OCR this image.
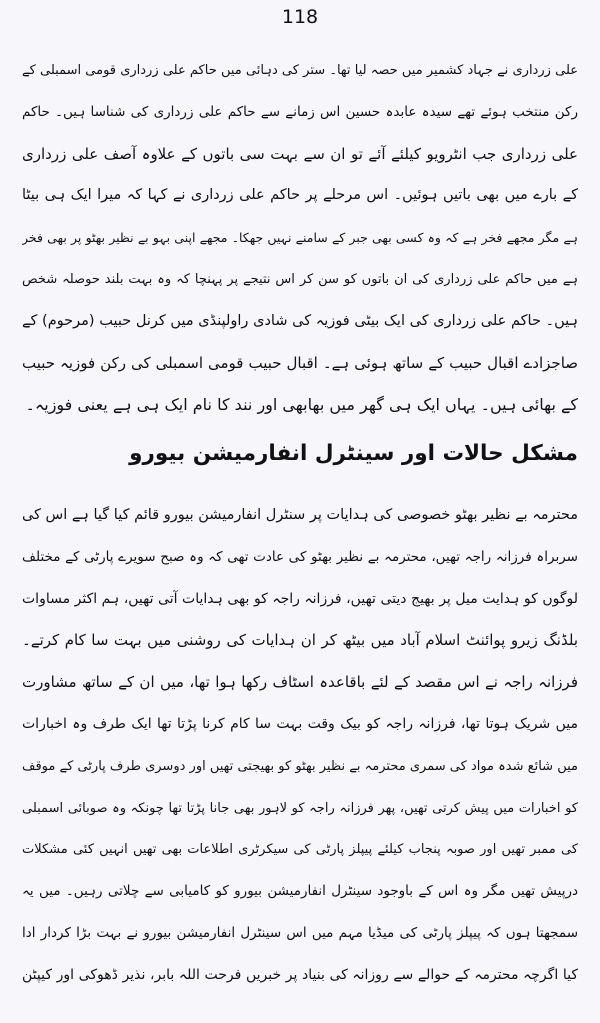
118
علی زرداری نے جہاد کشمیر میں حصہ لیا تھا۔ ستر کی دہائی میں حاکم علی زرداری قومی اسمبلی کے
رکن منتخب ہوئے تھے سیدہ عابدہ حسین اس زمانے سے حاکم علی زرداری کی شناسا ہیں۔ حاکم
علی زرداری جب انٹرویو کیلئے آئے تو ان سے بہت سی باتوں کے علاوہ آصف علی زرداری
کے بارے میں بھی باتیں ہوئیں۔ اس مرحلے پر حاکم علی زرداری نے کہا کہ میرا ایک ہی بیٹا
ہے مگر مجھے فخر ہے کہ وہ کسی بھی جبر کے سامنے نہیں جھکا۔ مجھے اپنی بہو بے نظیر بھٹو پر بھی فخر
ہے میں حاکم علی زرداری کی ان باتوں کو سن کر اس نتیجے پر پہنچا کہ وہ بہت بلند حوصلہ شخص
ہیں۔ حاکم علی زرداری کی ایک بیٹی فوزیہ کی شادی راولپنڈی میں کرنل حبیب (مرحوم) کے
صاجزادے اقبال حبیب کے ساتھ ہوئی ہے۔ اقبال حبیب قومی اسمبلی کی رکن فوزیہ حبیب
کے بھائی ہیں۔ یہاں ایک ہی گھر میں بھابھی اور نند کا نام ایک ہی ہے یعنی فوزیہ۔
مشکل حالات اور سینٹرل انفارمیشن بیورو
محترمہ بے نظیر بھٹو خصوصی کی ہدایات پر سنٹرل انفارمیشن بیورو قائم کیا گیا ہے اس کی
سربراہ فرزانہ راجہ تھیں، محترمہ بے نظیر بھٹو کی عادت تھی کہ وہ صبح سویرے پارٹی کے مختلف
لوگوں کو ہدایت میل پر بھیج دیتی تھیں، فرزانہ راجہ کو بھی ہدایات آتی تھیں، ہم اکثر مساوات
بلڈنگ زیرو پوائنٹ اسلام آباد میں بیٹھ کر ان ہدایات کی روشنی میں بہت سا کام کرتے۔
فرزانہ راجہ نے اس مقصد کے لئے باقاعدہ اسٹاف رکھا ہوا تھا، میں ان کے ساتھ مشاورت
میں شریک ہوتا تھا، فرزانہ راجہ کو بیک وقت بہت سا کام کرنا پڑتا تھا ایک طرف وہ اخبارات
میں شائع شدہ مواد کی سمری محترمہ بے نظیر بھٹو کو بھیجتی تھیں اور دوسری طرف پارٹی کے موقف
کو اخبارات میں پیش کرتی تھیں، پھر فرزانہ راجہ کو لاہور بھی جانا پڑتا تھا چونکہ وہ صوبائی اسمبلی
کی ممبر تھیں اور صوبہ پنجاب کیلئے پیپلز پارٹی کی سیکرٹری اطلاعات بھی تھیں انہیں کئی مشکلات
درپیش تھیں مگر وہ اس کے باوجود سینٹرل انفارمیشن بیورو کو کامیابی سے چلاتی رہیں۔ میں یہ
سمجھتا ہوں کہ پیپلز پارٹی کی میڈیا مہم میں اس سینٹرل انفارمیشن بیورو نے بہت بڑا کردار ادا
کیا اگرچہ محترمہ کے حوالے سے روزانہ کی بنیاد پر خبریں فرحت اللہ بابر، نذیر ڈھوکی اور کیپٹن
